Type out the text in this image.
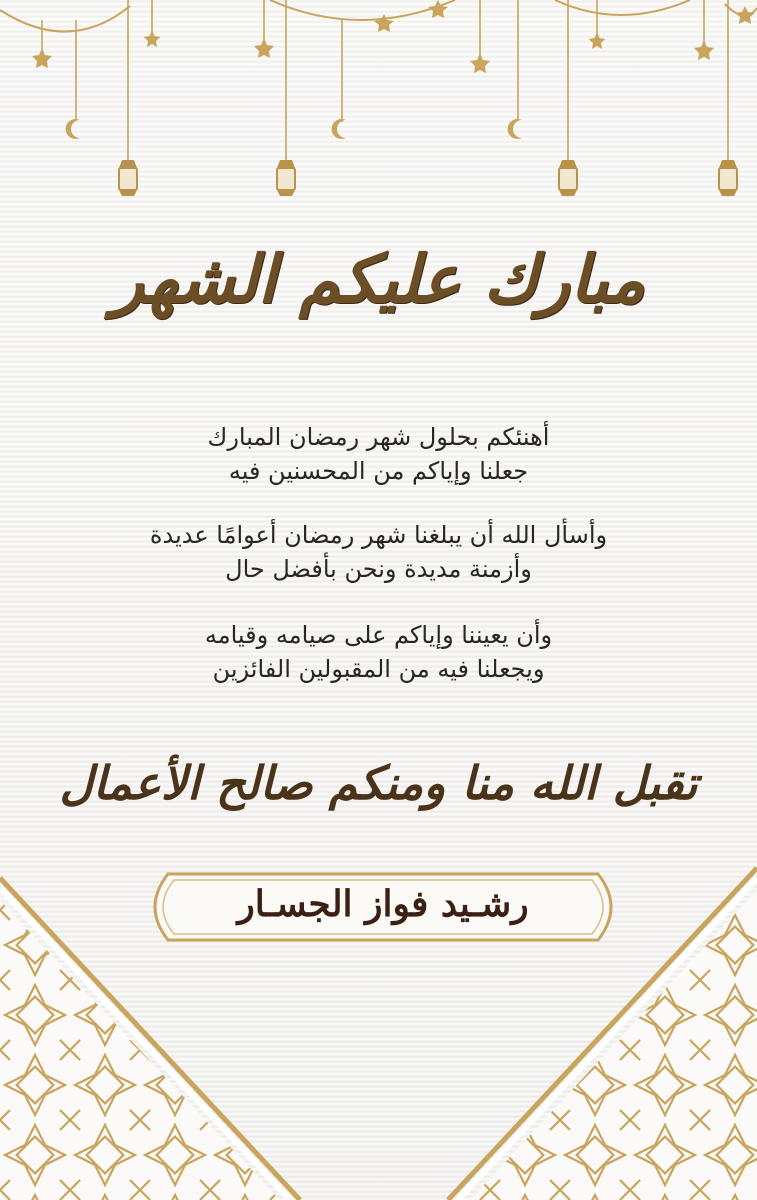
مبارك عليكم الشهر
أهنئكم بحلول شهر رمضان المبارك
جعلنا وإياكم من المحسنين فيه
وأسأل الله أن يبلغنا شهر رمضان أعوامًا عديدة
وأزمنة مديدة ونحن بأفضل حال
وأن يعيننا وإياكم على صيامه وقيامه
ويجعلنا فيه من المقبولين الفائزين
تقبل الله منا ومنكم صالح الأعمال
رشـيد فواز الجسـار
